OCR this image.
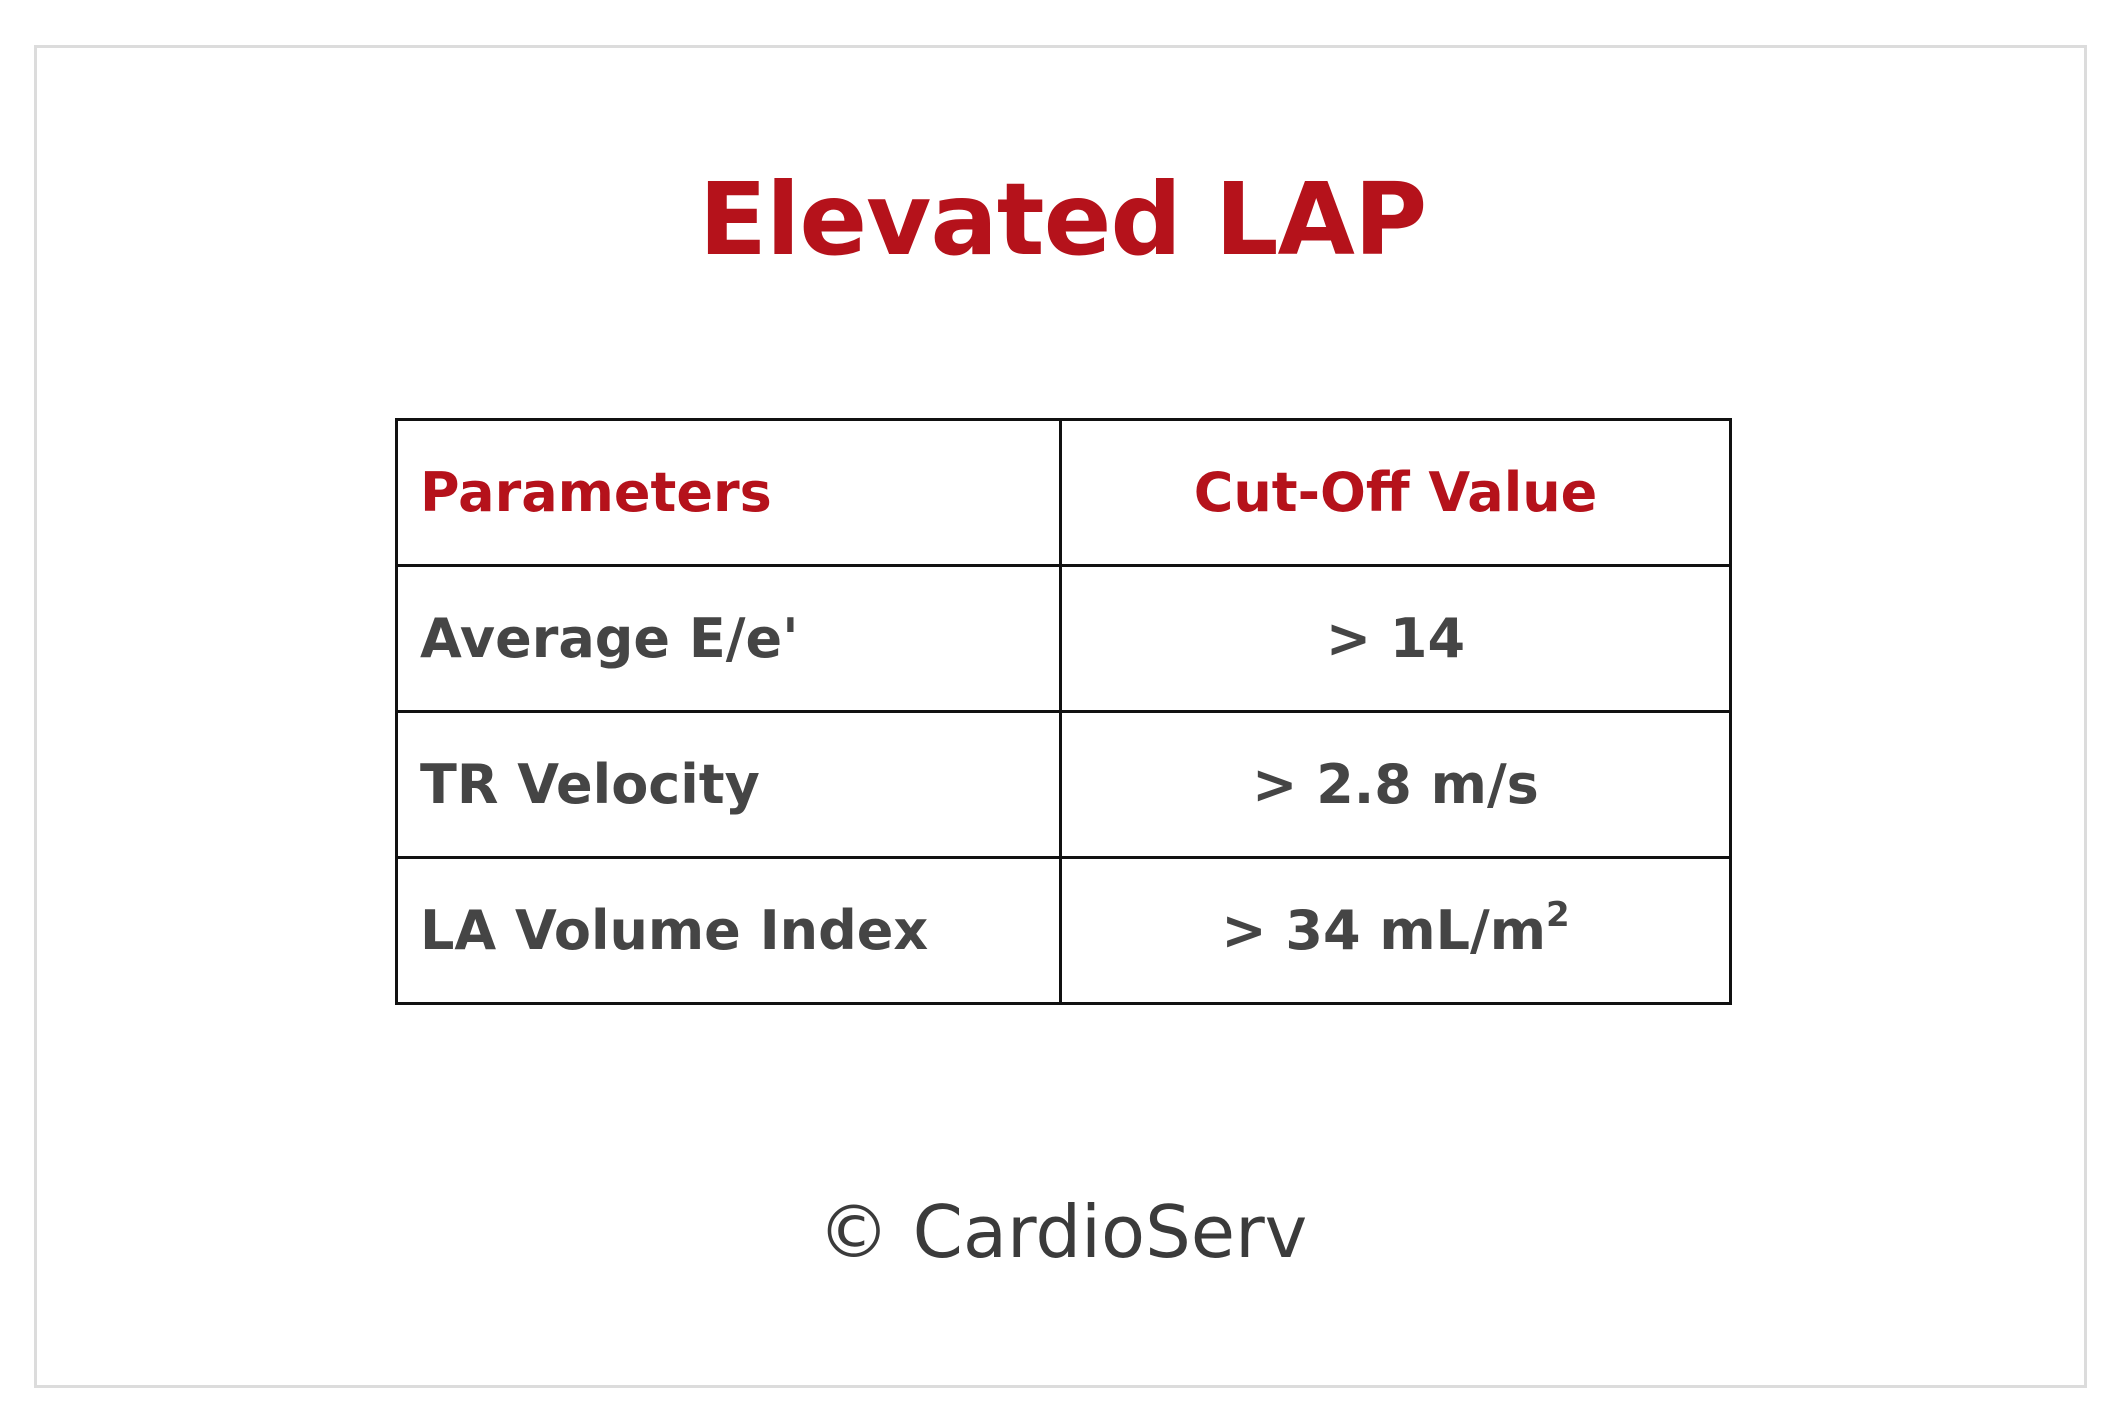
Elevated LAP
Parameters	Cut-Off Value
Average E/e'	> 14
TR Velocity	> 2.8 m/s
LA Volume Index	> 34 $mL/m^2$
© CardioServ
